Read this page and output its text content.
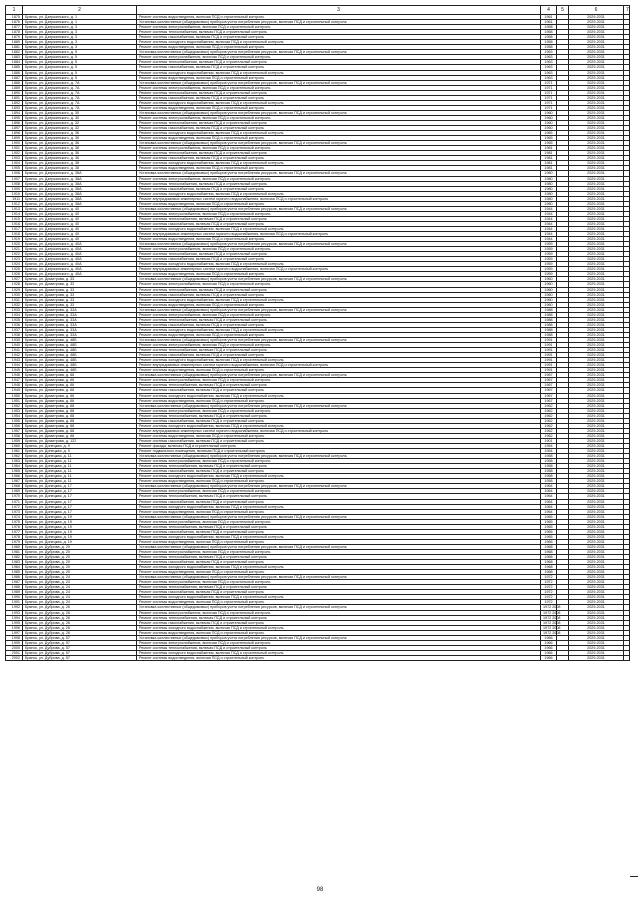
1	2	3	4	5	6	7
1875	Брянск, ул. Дзержинского, д. 1	Ремонт системы водоотведения, включая ПСД и строительный контроль	1961		2029-2031	
1876	Брянск, ул. Дзержинского, д. 1	Установка коллективных (общедомовых) приборов учета потребления ресурсов, включая ПСД и строительный контроль	1961		2029-2031	
1877	Брянск, ул. Дзержинского, д. 3	Ремонт системы электроснабжения, включая ПСД и строительный контроль	1958		2029-2031	
1878	Брянск, ул. Дзержинского, д. 3	Ремонт системы теплоснабжения, включая ПСД и строительный контроль	1958		2029-2031	
1879	Брянск, ул. Дзержинского, д. 3	Ремонт системы газоснабжения, включая ПСД и строительный контроль	1958		2029-2031	
1880	Брянск, ул. Дзержинского, д. 3	Ремонт системы холодного водоснабжения, включая ПСД и строительный контроль	1958		2029-2031	
1881	Брянск, ул. Дзержинского, д. 3	Ремонт системы водоотведения, включая ПСД и строительный контроль	1958		2029-2031	
1882	Брянск, ул. Дзержинского, д. 5	Установка коллективных (общедомовых) приборов учета потребления ресурсов, включая ПСД и строительный контроль	1963		2029-2031	
1883	Брянск, ул. Дзержинского, д. 5	Ремонт системы электроснабжения, включая ПСД и строительный контроль	1963		2029-2031	
1884	Брянск, ул. Дзержинского, д. 5	Ремонт системы теплоснабжения, включая ПСД и строительный контроль	1963		2029-2031	
1885	Брянск, ул. Дзержинского, д. 5	Ремонт системы газоснабжения, включая ПСД и строительный контроль	1963		2029-2031	
1886	Брянск, ул. Дзержинского, д. 5	Ремонт системы холодного водоснабжения, включая ПСД и строительный контроль	1963		2029-2031	
1887	Брянск, ул. Дзержинского, д. 5	Ремонт системы водоотведения, включая ПСД и строительный контроль	1963		2029-2031	
1888	Брянск, ул. Дзержинского, д. 7А	Установка коллективных (общедомовых) приборов учета потребления ресурсов, включая ПСД и строительный контроль	1971		2029-2031	
1889	Брянск, ул. Дзержинского, д. 7А	Ремонт системы электроснабжения, включая ПСД и строительный контроль	1971		2029-2031	
1890	Брянск, ул. Дзержинского, д. 7А	Ремонт системы теплоснабжения, включая ПСД и строительный контроль	1971		2029-2031	
1891	Брянск, ул. Дзержинского, д. 7А	Ремонт системы газоснабжения, включая ПСД и строительный контроль	1971		2029-2031	
1892	Брянск, ул. Дзержинского, д. 7А	Ремонт системы холодного водоснабжения, включая ПСД и строительный контроль	1971		2029-2031	
1893	Брянск, ул. Дзержинского, д. 7А	Ремонт системы водоотведения, включая ПСД и строительный контроль	1971		2029-2031	
1894	Брянск, ул. Дзержинского, д. 30	Установка коллективных (общедомовых) приборов учета потребления ресурсов, включая ПСД и строительный контроль	1960		2029-2031	
1895	Брянск, ул. Дзержинского, д. 30	Ремонт системы электроснабжения, включая ПСД и строительный контроль	1960		2029-2031	
1896	Брянск, ул. Дзержинского, д. 32	Ремонт системы теплоснабжения, включая ПСД и строительный контроль	1960		2029-2031	
1897	Брянск, ул. Дзержинского, д. 32	Ремонт системы газоснабжения, включая ПСД и строительный контроль	1960		2029-2031	
1898	Брянск, ул. Дзержинского, д. 36	Ремонт системы холодного водоснабжения, включая ПСД и строительный контроль	1965		2029-2031	
1899	Брянск, ул. Дзержинского, д. 36	Ремонт системы водоотведения, включая ПСД и строительный контроль	1965		2029-2031	
1900	Брянск, ул. Дзержинского, д. 36	Установка коллективных (общедомовых) приборов учета потребления ресурсов, включая ПСД и строительный контроль	1965		2029-2031	
1901	Брянск, ул. Дзержинского, д. 36	Ремонт системы электроснабжения, включая ПСД и строительный контроль	1981		2029-2031	
1902	Брянск, ул. Дзержинского, д. 36	Ремонт системы теплоснабжения, включая ПСД и строительный контроль	1981		2029-2031	
1903	Брянск, ул. Дзержинского, д. 36	Ремонт системы газоснабжения, включая ПСД и строительный контроль	1981		2029-2031	
1904	Брянск, ул. Дзержинского, д. 38	Ремонт системы холодного водоснабжения, включая ПСД и строительный контроль	1981		2029-2031	
1905	Брянск, ул. Дзержинского, д. 38	Ремонт системы водоотведения, включая ПСД и строительный контроль	1981		2029-2031	
1906	Брянск, ул. Дзержинского, д. 38А	Установка коллективных (общедомовых) приборов учета потребления ресурсов, включая ПСД и строительный контроль	1980		2029-2031	
1907	Брянск, ул. Дзержинского, д. 38А	Ремонт системы электроснабжения, включая ПСД и строительный контроль	1980		2029-2031	
1908	Брянск, ул. Дзержинского, д. 38А	Ремонт системы теплоснабжения, включая ПСД и строительный контроль	1980		2029-2031	
1909	Брянск, ул. Дзержинского, д. 38А	Ремонт системы газоснабжения, включая ПСД и строительный контроль	1980		2029-2031	
1910	Брянск, ул. Дзержинского, д. 38А	Ремонт системы холодного водоснабжения, включая ПСД и строительный контроль	1980		2029-2031	
1911	Брянск, ул. Дзержинского, д. 38А	Ремонт внутридомовых инженерных систем горячего водоснабжения, включая ПСД и строительный контроль	1980		2029-2031	
1912	Брянск, ул. Дзержинского, д. 38А	Ремонт системы водоотведения, включая ПСД и строительный контроль	1980		2029-2031	
1913	Брянск, ул. Дзержинского, д. 40	Установка коллективных (общедомовых) приборов учета потребления ресурсов, включая ПСД и строительный контроль	1944		2029-2031	
1914	Брянск, ул. Дзержинского, д. 40	Ремонт системы электроснабжения, включая ПСД и строительный контроль	1944		2029-2031	
1915	Брянск, ул. Дзержинского, д. 40	Ремонт системы теплоснабжения, включая ПСД и строительный контроль	1944		2029-2031	
1916	Брянск, ул. Дзержинского, д. 40	Ремонт системы газоснабжения, включая ПСД и строительный контроль	1944		2029-2031	
1917	Брянск, ул. Дзержинского, д. 40	Ремонт системы холодного водоснабжения, включая ПСД и строительный контроль	1944		2029-2031	
1918	Брянск, ул. Дзержинского, д. 40	Ремонт внутридомовых инженерных систем горячего водоснабжения, включая ПСД и строительный контроль	1944		2029-2031	
1919	Брянск, ул. Дзержинского, д. 40	Ремонт системы водоотведения, включая ПСД и строительный контроль	1944		2029-2031	
1920	Брянск, ул. Дзержинского, д. 40А	Установка коллективных (общедомовых) приборов учета потребления ресурсов, включая ПСД и строительный контроль	1959		2029-2031	
1921	Брянск, ул. Дзержинского, д. 40А	Ремонт системы электроснабжения, включая ПСД и строительный контроль	1959		2029-2031	
1922	Брянск, ул. Дзержинского, д. 40А	Ремонт системы теплоснабжения, включая ПСД и строительный контроль	1959		2029-2031	
1923	Брянск, ул. Дзержинского, д. 40А	Ремонт системы газоснабжения, включая ПСД и строительный контроль	1959		2029-2031	
1924	Брянск, ул. Дзержинского, д. 40А	Ремонт системы холодного водоснабжения, включая ПСД и строительный контроль	1959		2029-2031	
1925	Брянск, ул. Дзержинского, д. 40А	Ремонт внутридомовых инженерных систем горячего водоснабжения, включая ПСД и строительный контроль	1959		2029-2031	
1926	Брянск, ул. Дзержинского, д. 40А	Ремонт системы водоотведения, включая ПСД и строительный контроль	1959		2029-2031	
1927	Брянск, ул. Димитрова, д. 33	Установка коллективных (общедомовых) приборов учета потребления ресурсов, включая ПСД и строительный контроль	1960		2029-2031	
1928	Брянск, ул. Димитрова, д. 33	Ремонт системы электроснабжения, включая ПСД и строительный контроль	1960		2029-2031	
1929	Брянск, ул. Димитрова, д. 33	Ремонт системы теплоснабжения, включая ПСД и строительный контроль	1960		2029-2031	
1930	Брянск, ул. Димитрова, д. 33	Ремонт системы газоснабжения, включая ПСД и строительный контроль	1960		2029-2031	
1931	Брянск, ул. Димитрова, д. 33	Ремонт системы холодного водоснабжения, включая ПСД и строительный контроль	1960		2029-2031	
1932	Брянск, ул. Димитрова, д. 33	Ремонт системы водоотведения, включая ПСД и строительный контроль	1960		2029-2031	
1933	Брянск, ул. Димитрова, д. 33А	Установка коллективных (общедомовых) приборов учета потребления ресурсов, включая ПСД и строительный контроль	1988		2029-2031	
1934	Брянск, ул. Димитрова, д. 33А	Ремонт системы электроснабжения, включая ПСД и строительный контроль	1988		2029-2031	
1935	Брянск, ул. Димитрова, д. 33А	Ремонт системы теплоснабжения, включая ПСД и строительный контроль	1988		2029-2031	
1936	Брянск, ул. Димитрова, д. 33А	Ремонт системы газоснабжения, включая ПСД и строительный контроль	1988		2029-2031	
1937	Брянск, ул. Димитрова, д. 33А	Ремонт системы холодного водоснабжения, включая ПСД и строительный контроль	1988		2029-2031	
1938	Брянск, ул. Димитрова, д. 33А	Ремонт системы водоотведения, включая ПСД и строительный контроль	1988		2029-2031	
1939	Брянск, ул. Димитрова, д. 48Б	Установка коллективных (общедомовых) приборов учета потребления ресурсов, включая ПСД и строительный контроль	1991		2029-2031	
1940	Брянск, ул. Димитрова, д. 48Б	Ремонт системы электроснабжения, включая ПСД и строительный контроль	1991		2029-2031	
1941	Брянск, ул. Димитрова, д. 48Б	Ремонт системы теплоснабжения, включая ПСД и строительный контроль	1991		2029-2031	
1942	Брянск, ул. Димитрова, д. 48Б	Ремонт системы газоснабжения, включая ПСД и строительный контроль	1991		2029-2031	
1943	Брянск, ул. Димитрова, д. 48Б	Ремонт системы холодного водоснабжения, включая ПСД и строительный контроль	1991		2029-2031	
1944	Брянск, ул. Димитрова, д. 48Б	Ремонт внутридомовых инженерных систем горячего водоснабжения, включая ПСД и строительный контроль	1991		2029-2031	
1945	Брянск, ул. Димитрова, д. 48Б	Ремонт системы водоотведения, включая ПСД и строительный контроль	1991		2029-2031	
1946	Брянск, ул. Димитрова, д. 66	Установка коллективных (общедомовых) приборов учета потребления ресурсов, включая ПСД и строительный контроль	1967		2029-2031	
1947	Брянск, ул. Димитрова, д. 66	Ремонт системы электроснабжения, включая ПСД и строительный контроль	1967		2029-2031	
1948	Брянск, ул. Димитрова, д. 66	Ремонт системы теплоснабжения, включая ПСД и строительный контроль	1967		2029-2031	
1949	Брянск, ул. Димитрова, д. 66	Ремонт системы газоснабжения, включая ПСД и строительный контроль	1967		2029-2031	
1950	Брянск, ул. Димитрова, д. 66	Ремонт системы холодного водоснабжения, включая ПСД и строительный контроль	1967		2029-2031	
1951	Брянск, ул. Димитрова, д. 66	Ремонт системы водоотведения, включая ПСД и строительный контроль	1967		2029-2031	
1952	Брянск, ул. Димитрова, д. 68	Установка коллективных (общедомовых) приборов учета потребления ресурсов, включая ПСД и строительный контроль	1962		2029-2031	
1953	Брянск, ул. Димитрова, д. 68	Ремонт системы электроснабжения, включая ПСД и строительный контроль	1962		2029-2031	
1954	Брянск, ул. Димитрова, д. 68	Ремонт системы теплоснабжения, включая ПСД и строительный контроль	1962		2029-2031	
1955	Брянск, ул. Димитрова, д. 68	Ремонт системы газоснабжения, включая ПСД и строительный контроль	1962		2029-2031	
1956	Брянск, ул. Димитрова, д. 68	Ремонт системы холодного водоснабжения, включая ПСД и строительный контроль	1962		2029-2031	
1957	Брянск, ул. Димитрова, д. 68	Ремонт внутридомовых инженерных систем горячего водоснабжения, включая ПСД и строительный контроль	1962		2029-2031	
1958	Брянск, ул. Димитрова, д. 68	Ремонт системы водоотведения, включая ПСД и строительный контроль	1962		2029-2031	
1959	Брянск, ул. Димитрова, д. 122	Ремонт системы газоснабжения, включая ПСД и строительный контроль	1901		2029-2031	
1960	Брянск, ул. Донецкая, д. 9	Ремонт фасада, включая ПСД и строительный контроль	1954		2029-2031	
1961	Брянск, ул. Донецкая, д. 9	Ремонт подвального помещения, включая ПСД и строительный контроль	1954		2029-2031	
1962	Брянск, ул. Донецкая, д. 11	Установка коллективных (общедомовых) приборов учета потребления ресурсов, включая ПСД и строительный контроль	1958		2029-2031	
1963	Брянск, ул. Донецкая, д. 11	Ремонт системы электроснабжения, включая ПСД и строительный контроль	1958		2029-2031	
1964	Брянск, ул. Донецкая, д. 11	Ремонт системы теплоснабжения, включая ПСД и строительный контроль	1958		2029-2031	
1965	Брянск, ул. Донецкая, д. 11	Ремонт системы газоснабжения, включая ПСД и строительный контроль	1958		2029-2031	
1966	Брянск, ул. Донецкая, д. 11	Ремонт системы холодного водоснабжения, включая ПСД и строительный контроль	1958		2029-2031	
1967	Брянск, ул. Донецкая, д. 11	Ремонт системы водоотведения, включая ПСД и строительный контроль	1958		2029-2031	
1968	Брянск, ул. Донецкая, д. 17	Установка коллективных (общедомовых) приборов учета потребления ресурсов, включая ПСД и строительный контроль	1964		2029-2031	
1969	Брянск, ул. Донецкая, д. 17	Ремонт системы электроснабжения, включая ПСД и строительный контроль	1964		2029-2031	
1970	Брянск, ул. Донецкая, д. 17	Ремонт системы теплоснабжения, включая ПСД и строительный контроль	1964		2029-2031	
1971	Брянск, ул. Донецкая, д. 17	Ремонт системы газоснабжения, включая ПСД и строительный контроль	1964		2029-2031	
1972	Брянск, ул. Донецкая, д. 17	Ремонт системы холодного водоснабжения, включая ПСД и строительный контроль	1964		2029-2031	
1973	Брянск, ул. Донецкая, д. 17	Ремонт системы водоотведения, включая ПСД и строительный контроль	1964		2029-2031	
1974	Брянск, ул. Донецкая, д. 19	Установка коллективных (общедомовых) приборов учета потребления ресурсов, включая ПСД и строительный контроль	1965		2029-2031	
1975	Брянск, ул. Донецкая, д. 19	Ремонт системы электроснабжения, включая ПСД и строительный контроль	1965		2029-2031	
1976	Брянск, ул. Донецкая, д. 19	Ремонт системы теплоснабжения, включая ПСД и строительный контроль	1965		2029-2031	
1977	Брянск, ул. Донецкая, д. 19	Ремонт системы газоснабжения, включая ПСД и строительный контроль	1965		2029-2031	
1978	Брянск, ул. Донецкая, д. 19	Ремонт системы холодного водоснабжения, включая ПСД и строительный контроль	1965		2029-2031	
1979	Брянск, ул. Донецкая, д. 19	Ремонт системы водоотведения, включая ПСД и строительный контроль	1965		2029-2031	
1980	Брянск, ул. Дуброва, д. 20	Установка коллективных (общедомовых) приборов учета потребления ресурсов, включая ПСД и строительный контроль	1968		2029-2031	
1981	Брянск, ул. Дуброва, д. 20	Ремонт системы электроснабжения, включая ПСД и строительный контроль	1968		2029-2031	
1982	Брянск, ул. Дуброва, д. 20	Ремонт системы теплоснабжения, включая ПСД и строительный контроль	1968		2029-2031	
1983	Брянск, ул. Дуброва, д. 20	Ремонт системы газоснабжения, включая ПСД и строительный контроль	1968		2029-2031	
1984	Брянск, ул. Дуброва, д. 20	Ремонт системы холодного водоснабжения, включая ПСД и строительный контроль	1968		2029-2031	
1985	Брянск, ул. Дуброва, д. 20	Ремонт системы водоотведения, включая ПСД и строительный контроль	1968		2029-2031	
1986	Брянск, ул. Дуброва, д. 24	Установка коллективных (общедомовых) приборов учета потребления ресурсов, включая ПСД и строительный контроль	1972		2029-2031	
1987	Брянск, ул. Дуброва, д. 24	Ремонт системы электроснабжения, включая ПСД и строительный контроль	1972		2029-2031	
1988	Брянск, ул. Дуброва, д. 24	Ремонт системы теплоснабжения, включая ПСД и строительный контроль	1972		2029-2031	
1989	Брянск, ул. Дуброва, д. 24	Ремонт системы газоснабжения, включая ПСД и строительный контроль	1972		2029-2031	
1990	Брянск, ул. Дуброва, д. 24	Ремонт системы холодного водоснабжения, включая ПСД и строительный контроль	1972		2029-2031	
1991	Брянск, ул. Дуброва, д. 24	Ремонт системы водоотведения, включая ПСД и строительный контроль	1972		2029-2031	
1992	Брянск, ул. Дуброва, д. 26	Установка коллективных (общедомовых) приборов учета потребления ресурсов, включая ПСД и строительный контроль	1972 2008		2029-2031	
1993	Брянск, ул. Дуброва, д. 26	Ремонт системы электроснабжения, включая ПСД и строительный контроль	1972 2008		2029-2031	
1994	Брянск, ул. Дуброва, д. 26	Ремонт системы теплоснабжения, включая ПСД и строительный контроль	1972 2008		2029-2031	
1995	Брянск, ул. Дуброва, д. 26	Ремонт системы газоснабжения, включая ПСД и строительный контроль	1972 2008		2029-2031	
1996	Брянск, ул. Дуброва, д. 26	Ремонт системы холодного водоснабжения, включая ПСД и строительный контроль	1972 2008		2029-2031	
1997	Брянск, ул. Дуброва, д. 26	Ремонт системы водоотведения, включая ПСД и строительный контроль	1972 2008		2029-2031	
1998	Брянск, ул. Дуброва, д. 57	Установка коллективных (общедомовых) приборов учета потребления ресурсов, включая ПСД и строительный контроль	1966		2029-2031	
1999	Брянск, ул. Дуброва, д. 57	Ремонт системы электроснабжения, включая ПСД и строительный контроль	1966		2029-2031	
2000	Брянск, ул. Дуброва, д. 57	Ремонт системы теплоснабжения, включая ПСД и строительный контроль	1966		2029-2031	
2001	Брянск, ул. Дуброва, д. 57	Ремонт системы холодного водоснабжения, включая ПСД и строительный контроль	1966		2029-2031	
2002	Брянск, ул. Дуброва, д. 57	Ремонт системы водоотведения, включая ПСД и строительный контроль	1966		2029-2031	
98
